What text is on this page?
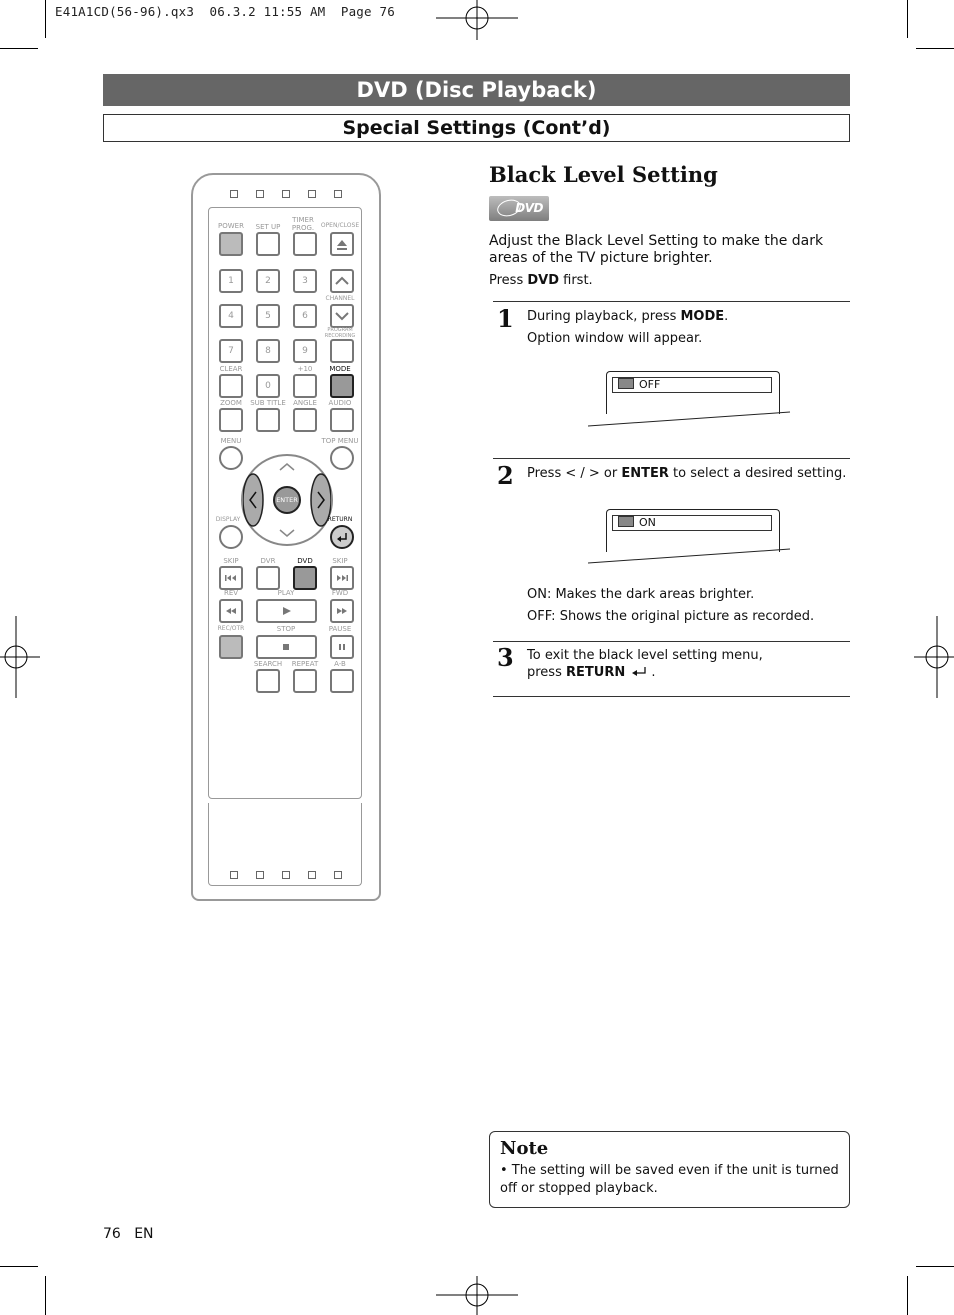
E41A1CD(56-96).qx3  06.3.2 11:55 AM  Page 76
DVD (Disc Playback)
Special Settings (Cont’d)
POWER	SET UP
TIMER PROG.	OPEN/CLOSE
1	2	3
CHANNEL
4	5	6
PROGRAM RECORDING
7	8	9
CLEAR	+10	MODE
0
ZOOM	SUB TITLE	ANGLE	AUDIO
MENU	TOP MENU
ENTER
DISPLAY	RETURN
SKIP	DVR	DVD	SKIP
REV	PLAY	FWD
REC/OTR	STOP	PAUSE
SEARCH	REPEAT	A-B
Black Level Setting
DVD
Adjust the Black Level Setting to make the dark areas of the TV picture brighter.
Press DVD first.
1 During playback, press MODE.
Option window will appear.
OFF
2 Press < / > or ENTER to select a desired setting.
ON
ON: Makes the dark areas brighter.
OFF: Shows the original picture as recorded.
3 To exit the black level setting menu,
press RETURN .
Note
• The setting will be saved even if the unit is turned off or stopped playback.
76 EN
